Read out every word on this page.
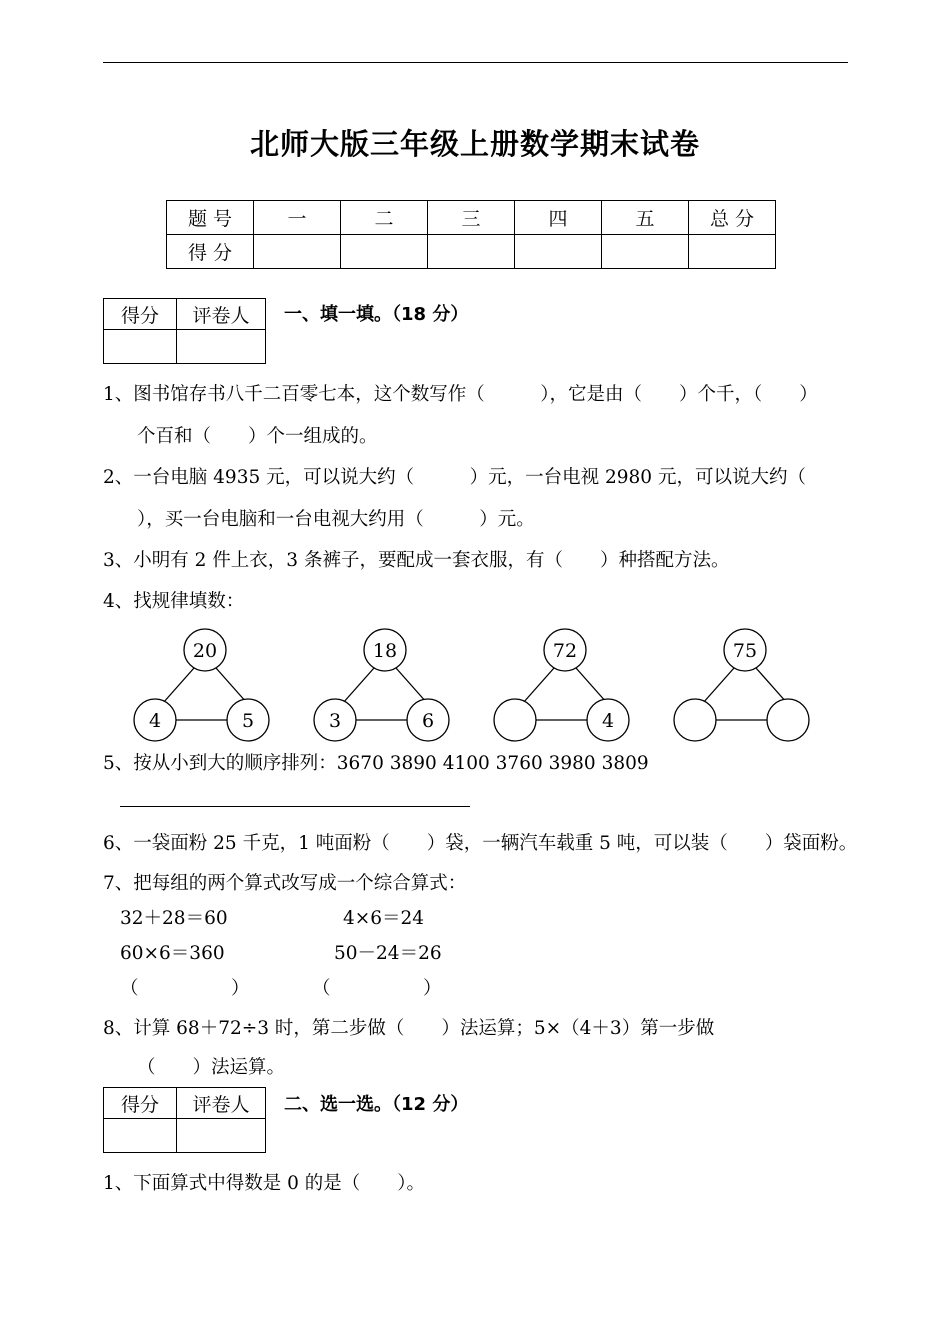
北师大版三年级上册数学期末试卷
题 号	一	二	三	四	五	总 分
得 分						
得分	评卷人
	一、填一填。（18 分）
1、图书馆存书八千二百零七本，这个数写作（　　　），它是由（　　）个千，（　　）
个百和（　　）个一组成的。
2、一台电脑 4935 元，可以说大约（　　　）元，一台电视 2980 元，可以说大约（
），买一台电脑和一台电视大约用（　　　）元。
3、小明有 2 件上衣，3 条裤子，要配成一套衣服，有（　　）种搭配方法。
4、找规律填数：
20
4	5
18
3	6
72
4
75
5、按从小到大的顺序排列：3670 3890 4100 3760 3980 3809
6、一袋面粉 25 千克，1 吨面粉（　　）袋，一辆汽车载重 5 吨，可以装（　　）袋面粉。
7、把每组的两个算式改写成一个综合算式：
32＋28＝60	4×6＝24
60×6＝360	50－24＝26
（　　　　　）	（　　　　　）
8、计算 68＋72÷3 时，第二步做（　　）法运算；5×（4＋3）第一步做
（　　）法运算。
得分	评卷人
	二、选一选。（12 分）
1、下面算式中得数是 0 的是（　　）。
